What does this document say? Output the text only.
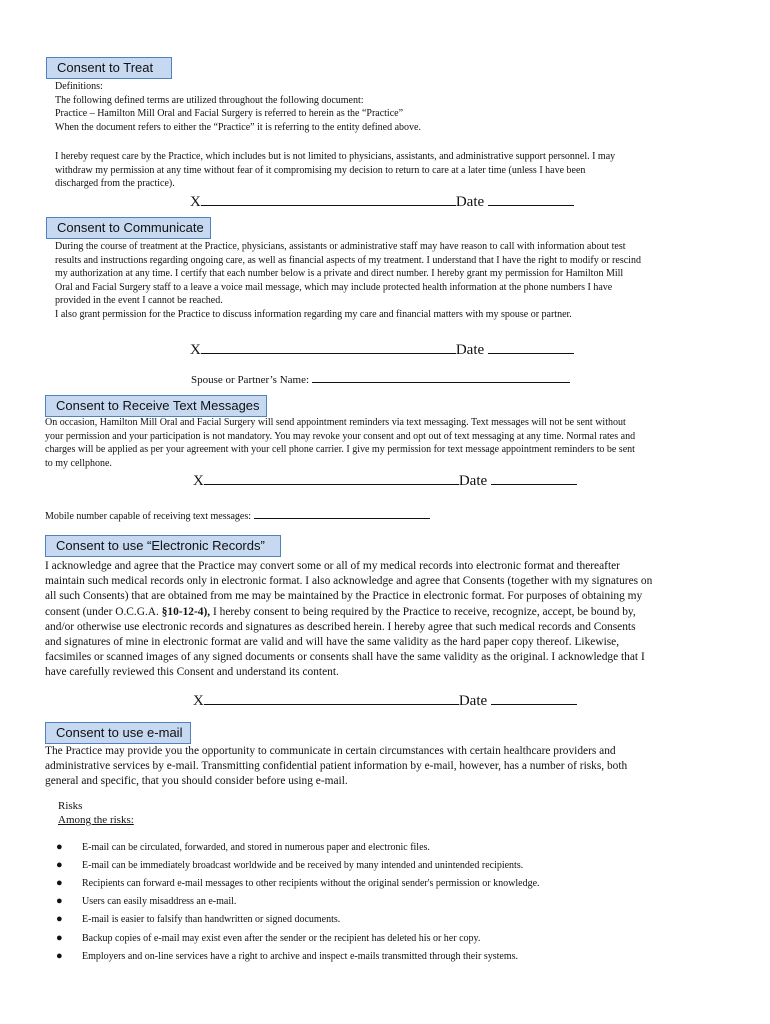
Consent to Treat

Definitions:

The following defined terms are utilized throughout the following document:

Practice – Hamilton Mill Oral and Facial Surgery is referred to herein as the “Practice”

When the document refers to either the “Practice” it is referring to the entity defined above.

I hereby request care by the Practice, which includes but is not limited to physicians, assistants, and administrative support personnel. I may

withdraw my permission at any time without fear of it compromising my decision to return to care at a later time (unless I have been

discharged from the practice).

X	Date
Consent to Communicate

During the course of treatment at the Practice, physicians, assistants or administrative staff may have reason to call with information about test

results and instructions regarding ongoing care, as well as financial aspects of my treatment. I understand that I have the right to modify or rescind

my authorization at any time. I certify that each number below is a private and direct number. I hereby grant my permission for Hamilton Mill

Oral and Facial Surgery staff to a leave a voice mail message, which may include protected health information at the phone numbers I have

provided in the event I cannot be reached.

I also grant permission for the Practice to discuss information regarding my care and financial matters with my spouse or partner.

X	Date
Spouse or Partner’s Name:
Consent to Receive Text Messages

On occasion, Hamilton Mill Oral and Facial Surgery will send appointment reminders via text messaging. Text messages will not be sent without

your permission and your participation is not mandatory. You may revoke your consent and opt out of text messaging at any time. Normal rates and

charges will be applied as per your agreement with your cell phone carrier. I give my permission for text message appointment reminders to be sent

to my cellphone.

X	Date
Mobile number capable of receiving text messages:
Consent to use “Electronic Records”

I acknowledge and agree that the Practice may convert some or all of my medical records into electronic format and thereafter

maintain such medical records only in electronic format. I also acknowledge and agree that Consents (together with my signatures on

all such Consents) that are obtained from me may be maintained by the Practice in electronic format. For purposes of obtaining my

consent (under O.C.G.A. §10-12-4), I hereby consent to being required by the Practice to receive, recognize, accept, be bound by,

and/or otherwise use electronic records and signatures as described herein. I hereby agree that such medical records and Consents

and signatures of mine in electronic format are valid and will have the same validity as the hard paper copy thereof. Likewise,

facsimiles or scanned images of any signed documents or consents shall have the same validity as the original. I acknowledge that I

have carefully reviewed this Consent and understand its content.

X	Date
Consent to use e-mail

The Practice may provide you the opportunity to communicate in certain circumstances with certain healthcare providers and

administrative services by e-mail. Transmitting confidential patient information by e-mail, however, has a number of risks, both

general and specific, that you should consider before using e-mail.

Risks
Among the risks:
● E-mail can be circulated, forwarded, and stored in numerous paper and electronic files.
● E-mail can be immediately broadcast worldwide and be received by many intended and unintended recipients.
● Recipients can forward e-mail messages to other recipients without the original sender's permission or knowledge.
● Users can easily misaddress an e-mail.
● E-mail is easier to falsify than handwritten or signed documents.
● Backup copies of e-mail may exist even after the sender or the recipient has deleted his or her copy.
● Employers and on-line services have a right to archive and inspect e-mails transmitted through their systems.
